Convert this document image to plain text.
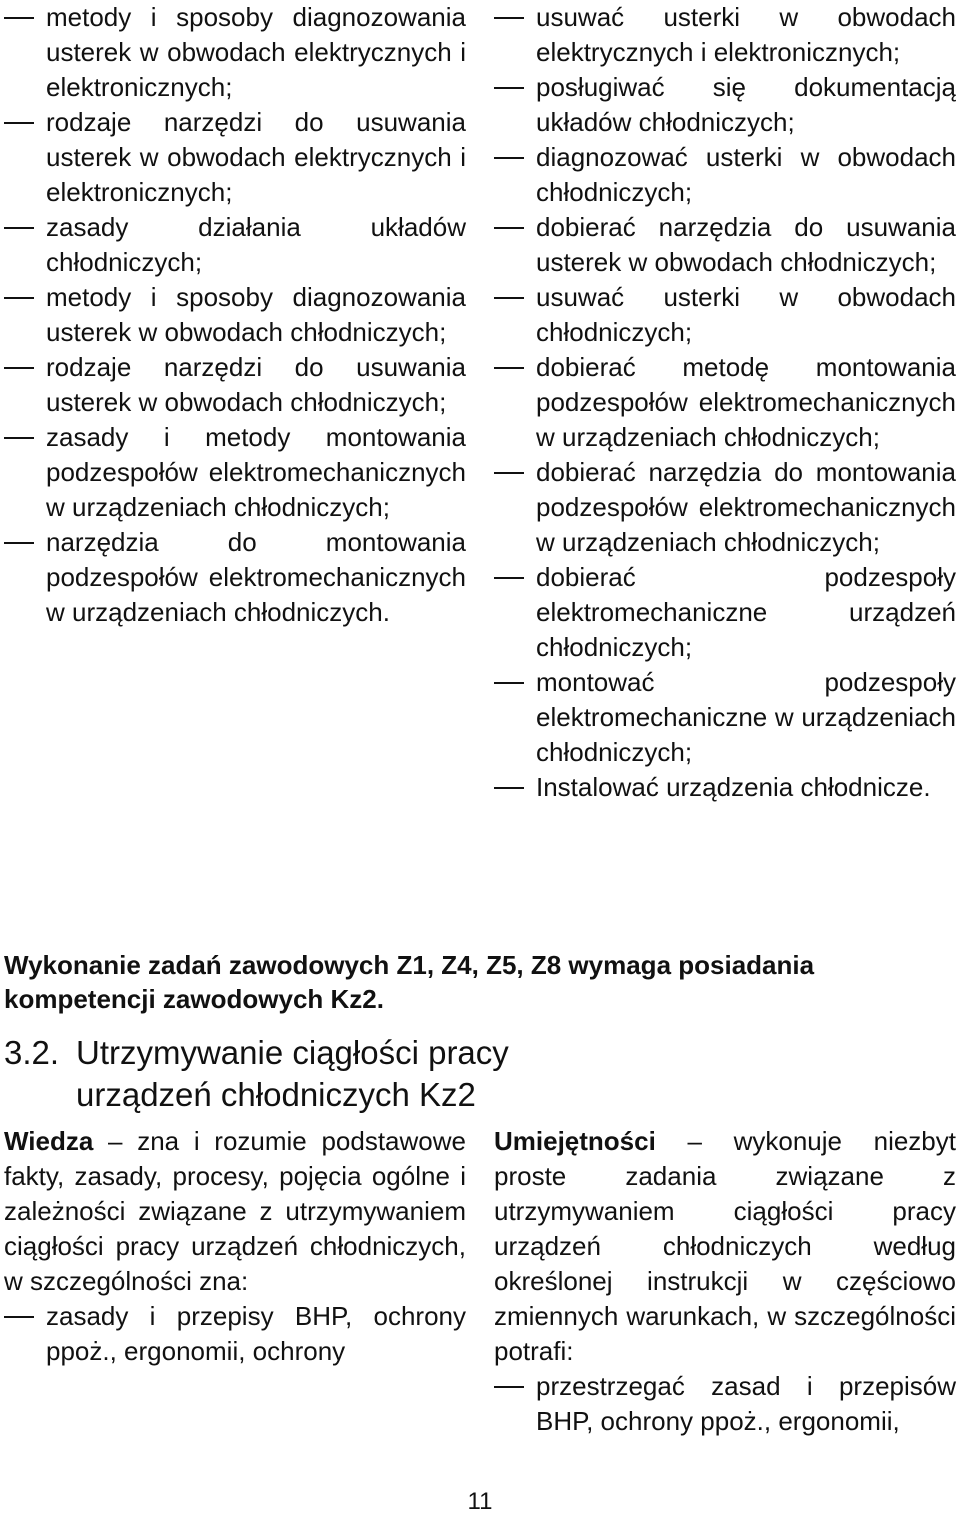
metody i sposoby diagnozowania usterek w obwodach elektrycznych i elektronicznych;
rodzaje narzędzi do usuwania usterek w obwodach elektrycznych i elektronicznych;
zasady działania układów chłodniczych;
metody i sposoby diagnozowania usterek w obwodach chłodniczych;
rodzaje narzędzi do usuwania usterek w obwodach chłodniczych;
zasady i metody montowania podzespołów elektromechanicznych w urządzeniach chłodniczych;
narzędzia do montowania podzespołów elektromechanicznych w urządzeniach chłodniczych.
usuwać usterki w obwodach elektrycznych i elektronicznych;
posługiwać się dokumentacją układów chłodniczych;
diagnozować usterki w obwodach chłodniczych;
dobierać narzędzia do usuwania usterek w obwodach chłodniczych;
usuwać usterki w obwodach chłodniczych;
dobierać metodę montowania podzespołów elektromechanicznych w urządzeniach chłodniczych;
dobierać narzędzia do montowania podzespołów elektromechanicznych w urządzeniach chłodniczych;
dobierać podzespoły elektromechaniczne urządzeń chłodniczych;
montować podzespoły elektromechaniczne w urządzeniach chłodniczych;
Instalować urządzenia chłodnicze.
Wykonanie zadań zawodowych Z1, Z4, Z5, Z8 wymaga posiadania kompetencji zawodowych Kz2.
3.2. Utrzymywanie ciągłości pracy
urządzeń chłodniczych Kz2

Wiedza – zna i rozumie podstawowe fakty, zasady, procesy, pojęcia ogólne i zależności związane z utrzymywaniem ciągłości pracy urządzeń chłodniczych, w szczególności zna:

zasady i przepisy BHP, ochrony ppoż., ergonomii, ochrony

Umiejętności – wykonuje niezbyt proste zadania związane z utrzymywaniem ciągłości pracy urządzeń chłodniczych według określonej instrukcji w częściowo zmiennych warunkach, w szczególności potrafi:

przestrzegać zasad i przepisów BHP, ochrony ppoż., ergonomii,
11
